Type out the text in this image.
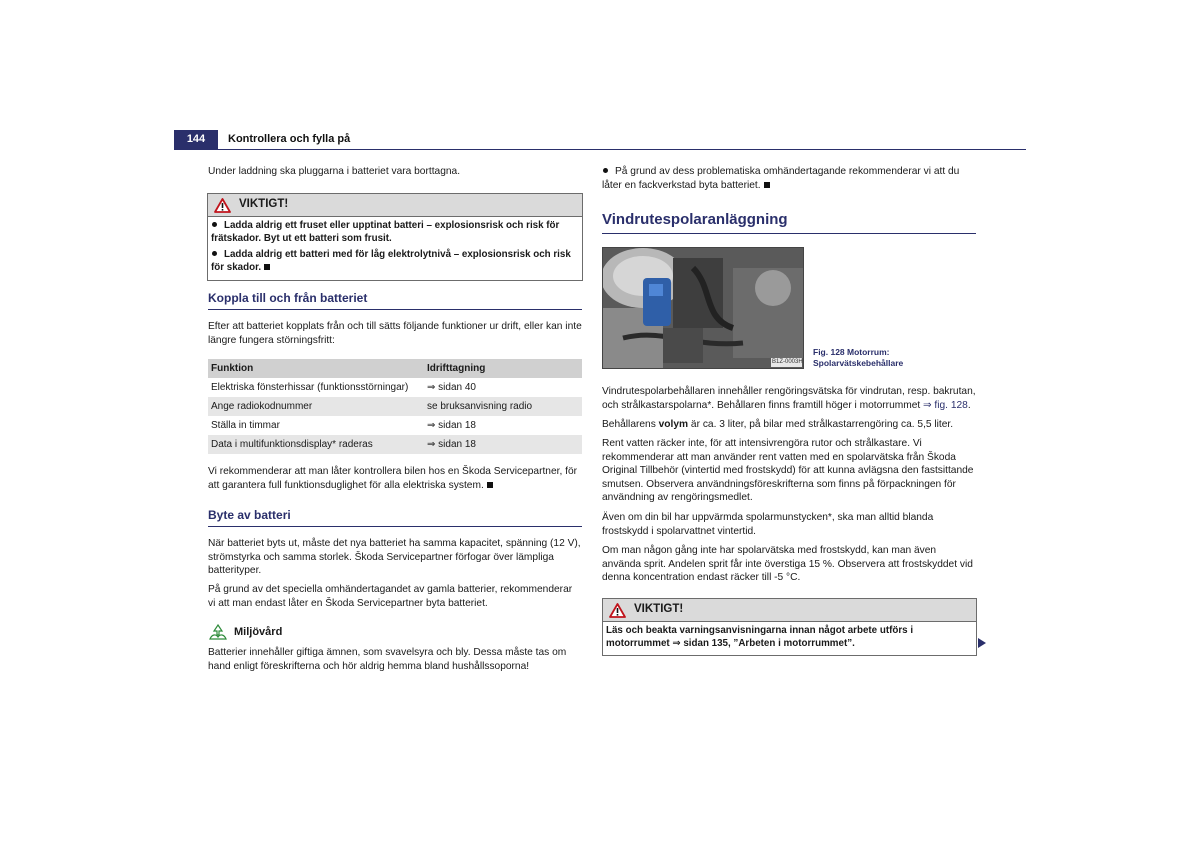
144	Kontrollera och fylla på

Under laddning ska pluggarna i batteriet vara borttagna.

VIKTIGT!

Ladda aldrig ett fruset eller upptinat batteri – explosionsrisk och risk för frätskador. Byt ut ett batteri som frusit.

Ladda aldrig ett batteri med för låg elektrolytnivå – explosionsrisk och risk för skador.

Koppla till och från batteriet

Efter att batteriet kopplats från och till sätts följande funktioner ur drift, eller kan inte längre fungera störningsfritt:

Funktion	Idrifttagning
Elektriska fönsterhissar (funktionsstörningar)	⇒ sidan 40
Ange radiokodnummer	se bruksanvisning radio
Ställa in timmar	⇒ sidan 18
Data i multifunktionsdisplay* raderas	⇒ sidan 18

Vi rekommenderar att man låter kontrollera bilen hos en Škoda Servicepartner, för att garantera full funktionsduglighet för alla elektriska system.

Byte av batteri

När batteriet byts ut, måste det nya batteriet ha samma kapacitet, spänning (12 V), strömstyrka och samma storlek. Škoda Servicepartner förfogar över lämpliga batterityper.

På grund av det speciella omhändertagandet av gamla batterier, rekommenderar vi att man endast låter en Škoda Servicepartner byta batteriet.

Miljövård

Batterier innehåller giftiga ämnen, som svavelsyra och bly. Dessa måste tas om hand enligt föreskrifterna och hör aldrig hemma bland hushållssoporna!

På grund av dess problematiska omhändertagande rekommenderar vi att du låter en fackverkstad byta batteriet.

Vindrutespolaranläggning
B1Z-0003H
Fig. 128 Motorrum: Spolarvätskebehållare

Vindrutespolarbehållaren innehåller rengöringsvätska för vindrutan, resp. bakrutan, och strålkastarspolarna*. Behållaren finns framtill höger i motorrummet ⇒ fig. 128.

Behållarens volym är ca. 3 liter, på bilar med strålkastarrengöring ca. 5,5 liter.

Rent vatten räcker inte, för att intensivrengöra rutor och strålkastare. Vi rekommenderar att man använder rent vatten med en spolarvätska från Škoda Original Tillbehör (vintertid med frostskydd) för att kunna avlägsna den fastsittande smutsen. Observera användningsföreskrifterna som finns på förpackningen för användning av rengöringsmedlet.

Även om din bil har uppvärmda spolarmunstycken*, ska man alltid blanda frostskydd i spolarvattnet vintertid.

Om man någon gång inte har spolarvätska med frostskydd, kan man även använda sprit. Andelen sprit får inte överstiga 15 %. Observera att frostskyddet vid denna koncentration endast räcker till -5 °C.

VIKTIGT!

Läs och beakta varningsanvisningarna innan något arbete utförs i motorrummet ⇒ sidan 135, ”Arbeten i motorrummet”.
